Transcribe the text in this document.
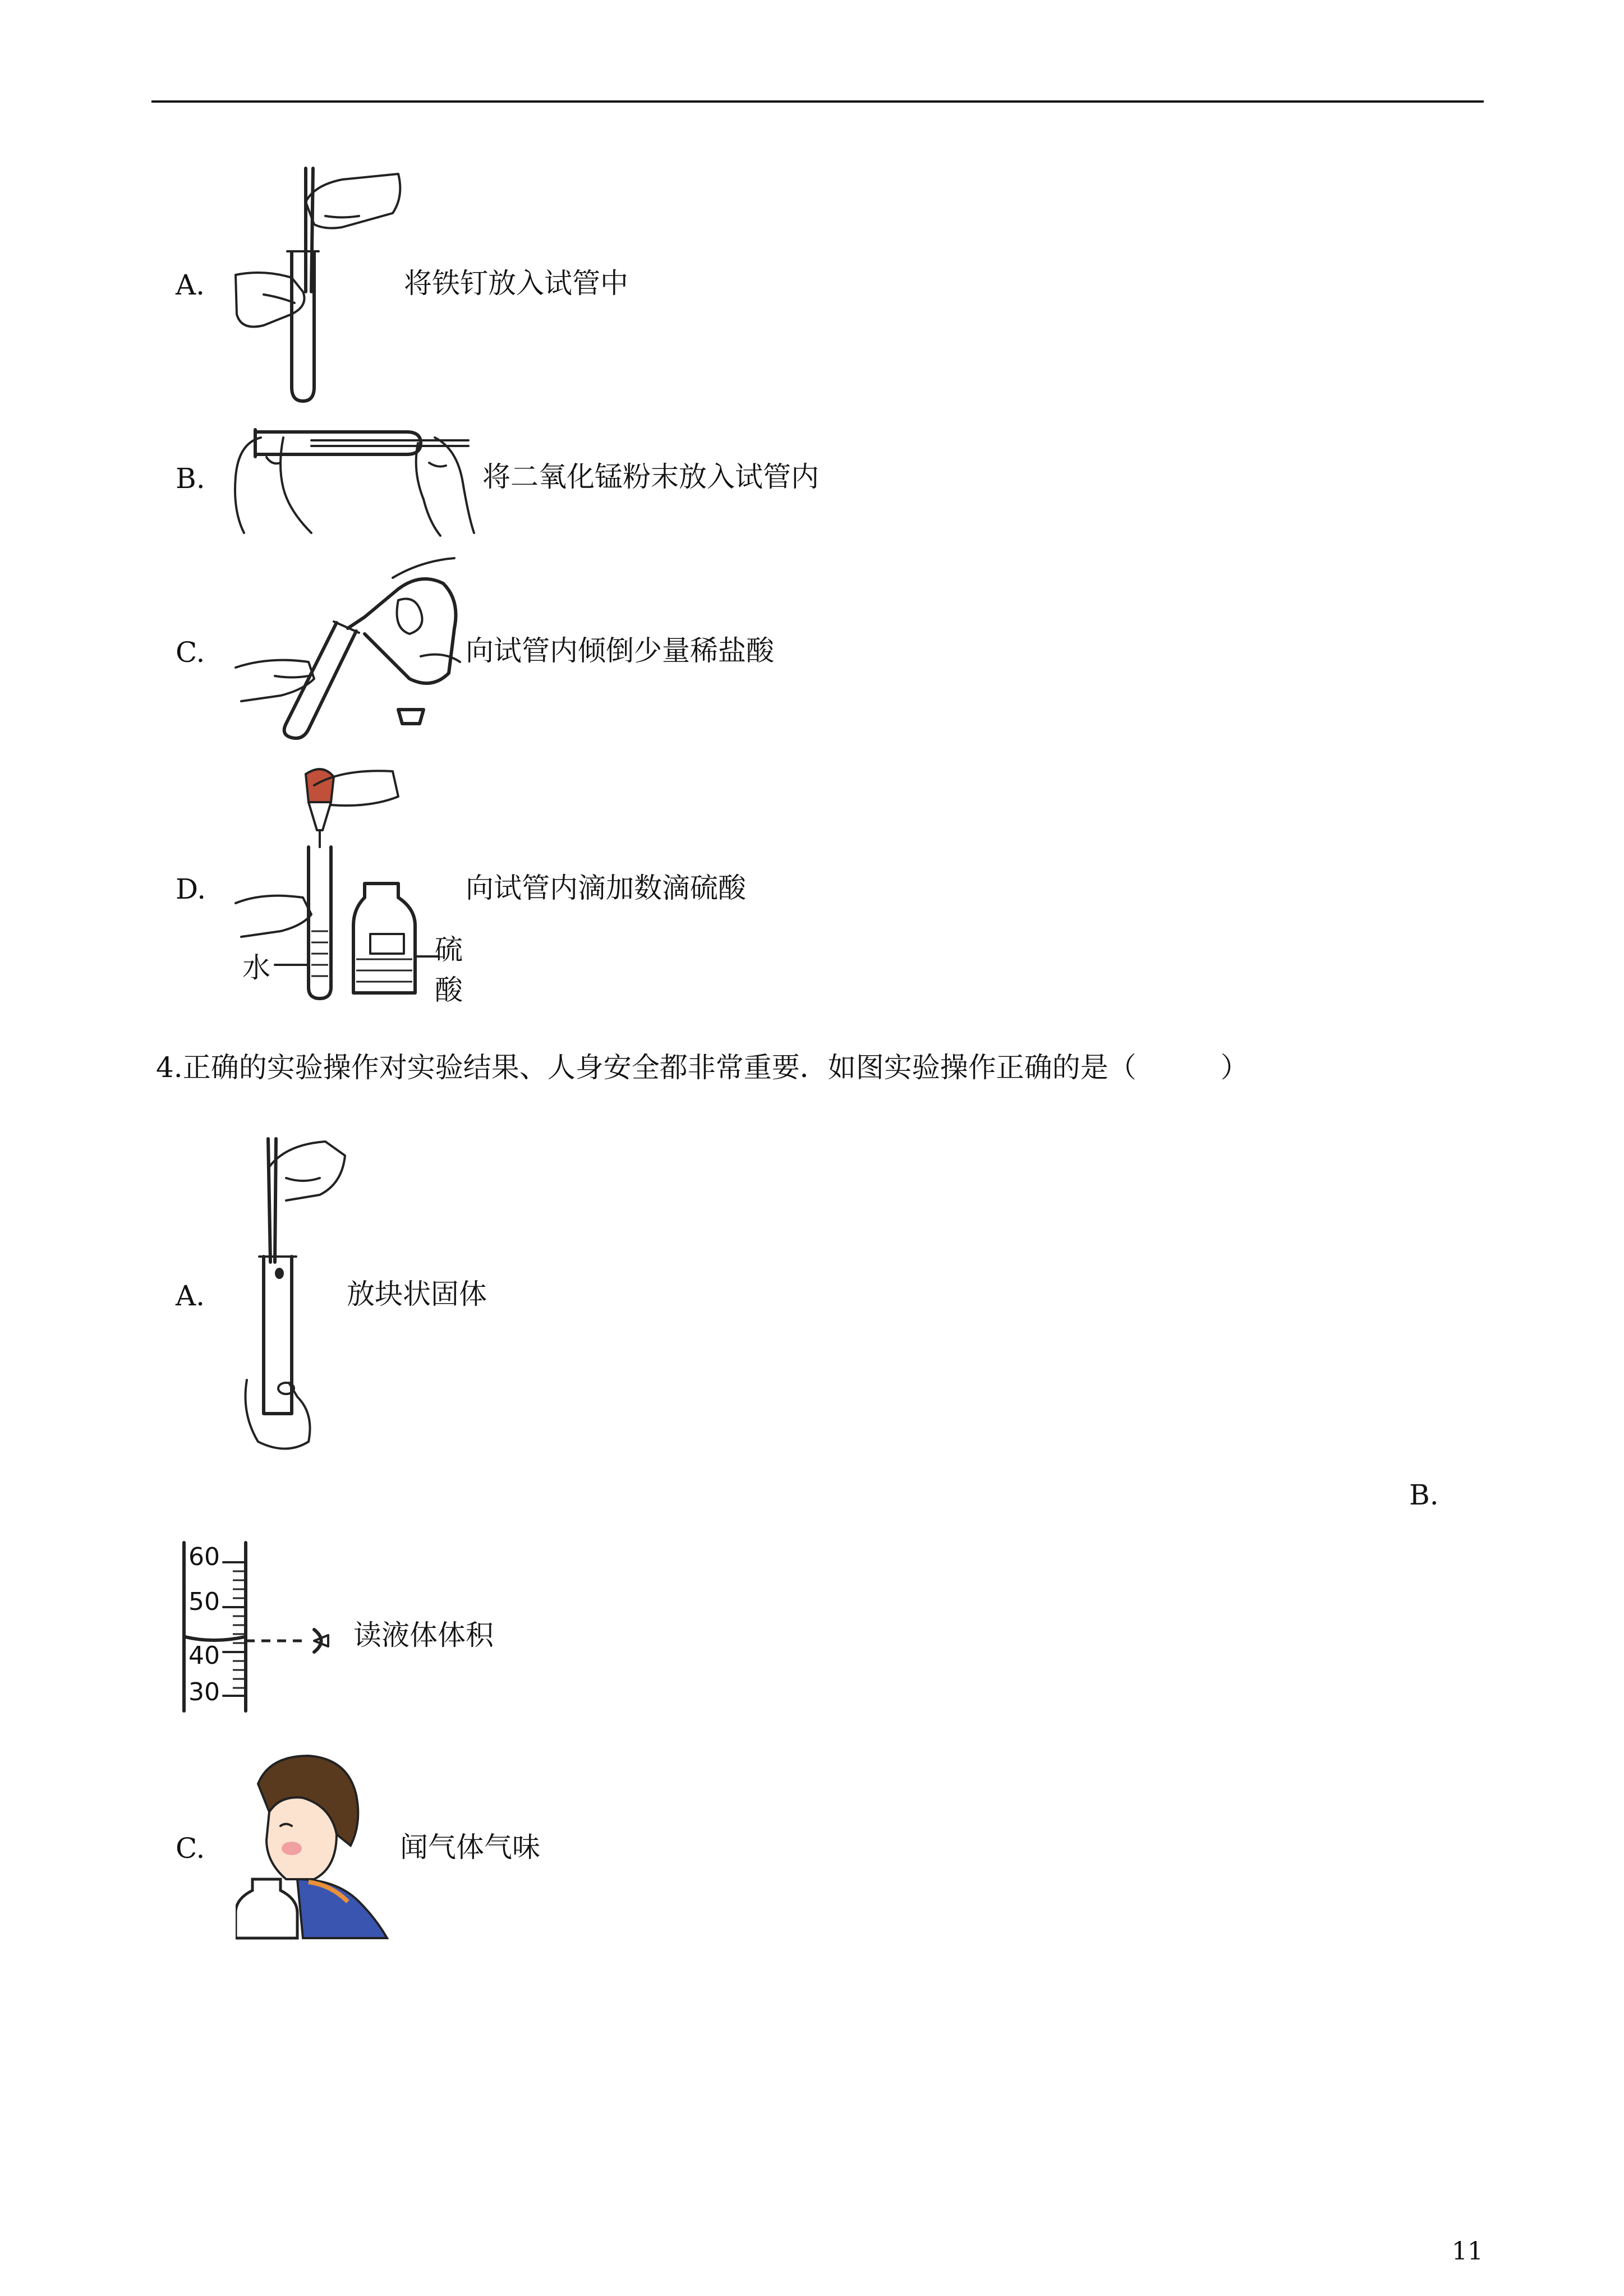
A.	将铁钉放入试管中
B.	将二氧化锰粉末放入试管内
C.	向试管内倾倒少量稀盐酸
D.
水
硫
酸
向试管内滴加数滴硫酸
4.正确的实验操作对实验结果、人身安全都非常重要．如图实验操作正确的是（　　　）
A.	放块状固体
B.
60
50
40
30
读液体体积
C.	闻气体气味
11
